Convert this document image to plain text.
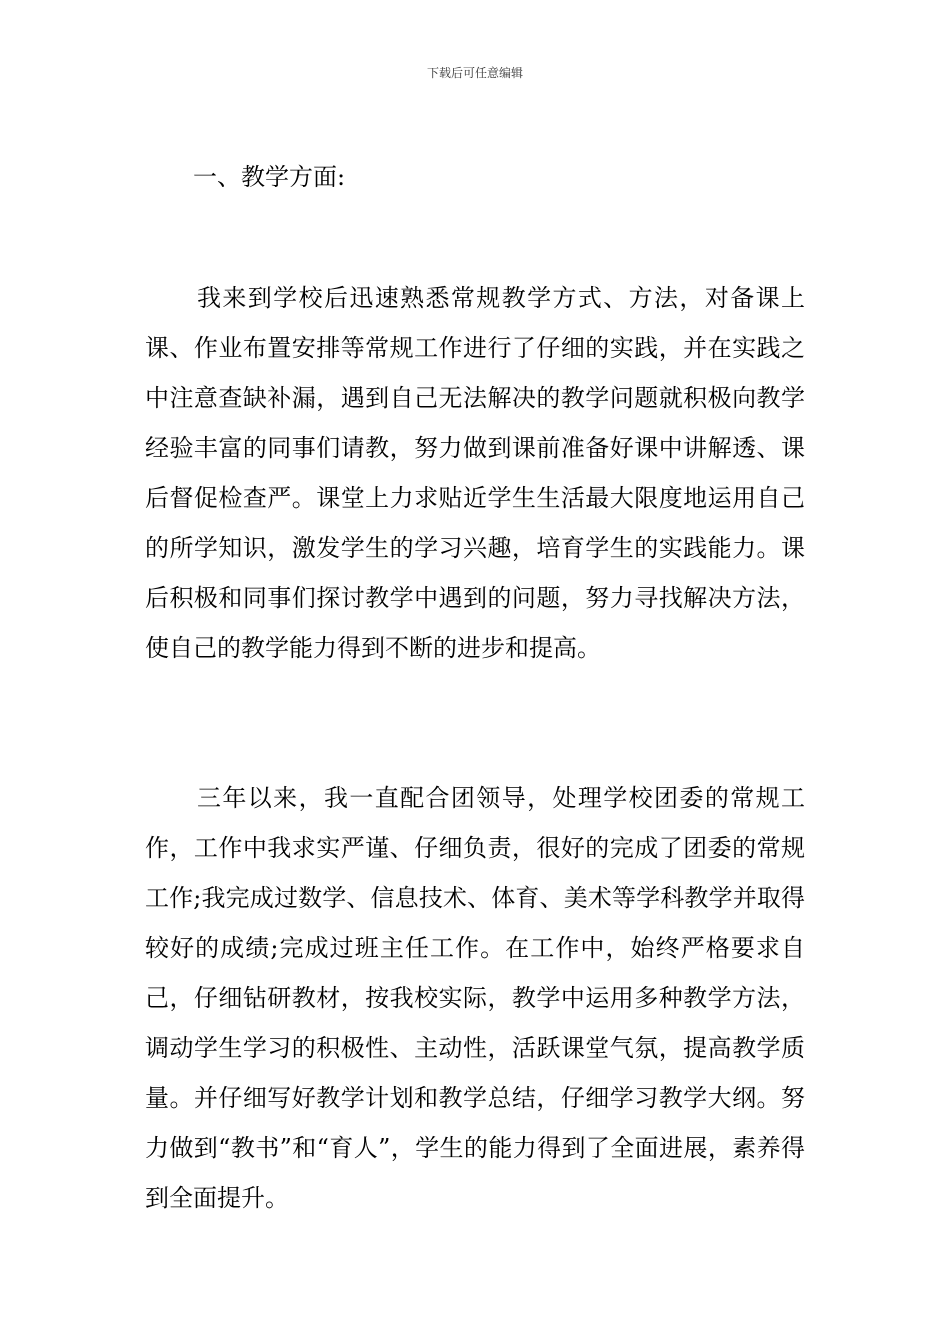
下载后可任意编辑

一、教学方面:

我来到学校后迅速熟悉常规教学方式、方法，对备课上课、作业布置安排等常规工作进行了仔细的实践，并在实践之中注意查缺补漏，遇到自己无法解决的教学问题就积极向教学经验丰富的同事们请教，努力做到课前准备好课中讲解透、课后督促检查严。课堂上力求贴近学生生活最大限度地运用自己的所学知识，激发学生的学习兴趣，培育学生的实践能力。课后积极和同事们探讨教学中遇到的问题，努力寻找解决方法，使自己的教学能力得到不断的进步和提高。

三年以来，我一直配合团领导，处理学校团委的常规工作，工作中我求实严谨、仔细负责，很好的完成了团委的常规工作;我完成过数学、信息技术、体育、美术等学科教学并取得较好的成绩;完成过班主任工作。在工作中，始终严格要求自己，仔细钻研教材，按我校实际，教学中运用多种教学方法，调动学生学习的积极性、主动性，活跃课堂气氛，提高教学质量。并仔细写好教学计划和教学总结，仔细学习教学大纲。努力做到“教书”和“育人”，学生的能力得到了全面进展，素养得到全面提升。
